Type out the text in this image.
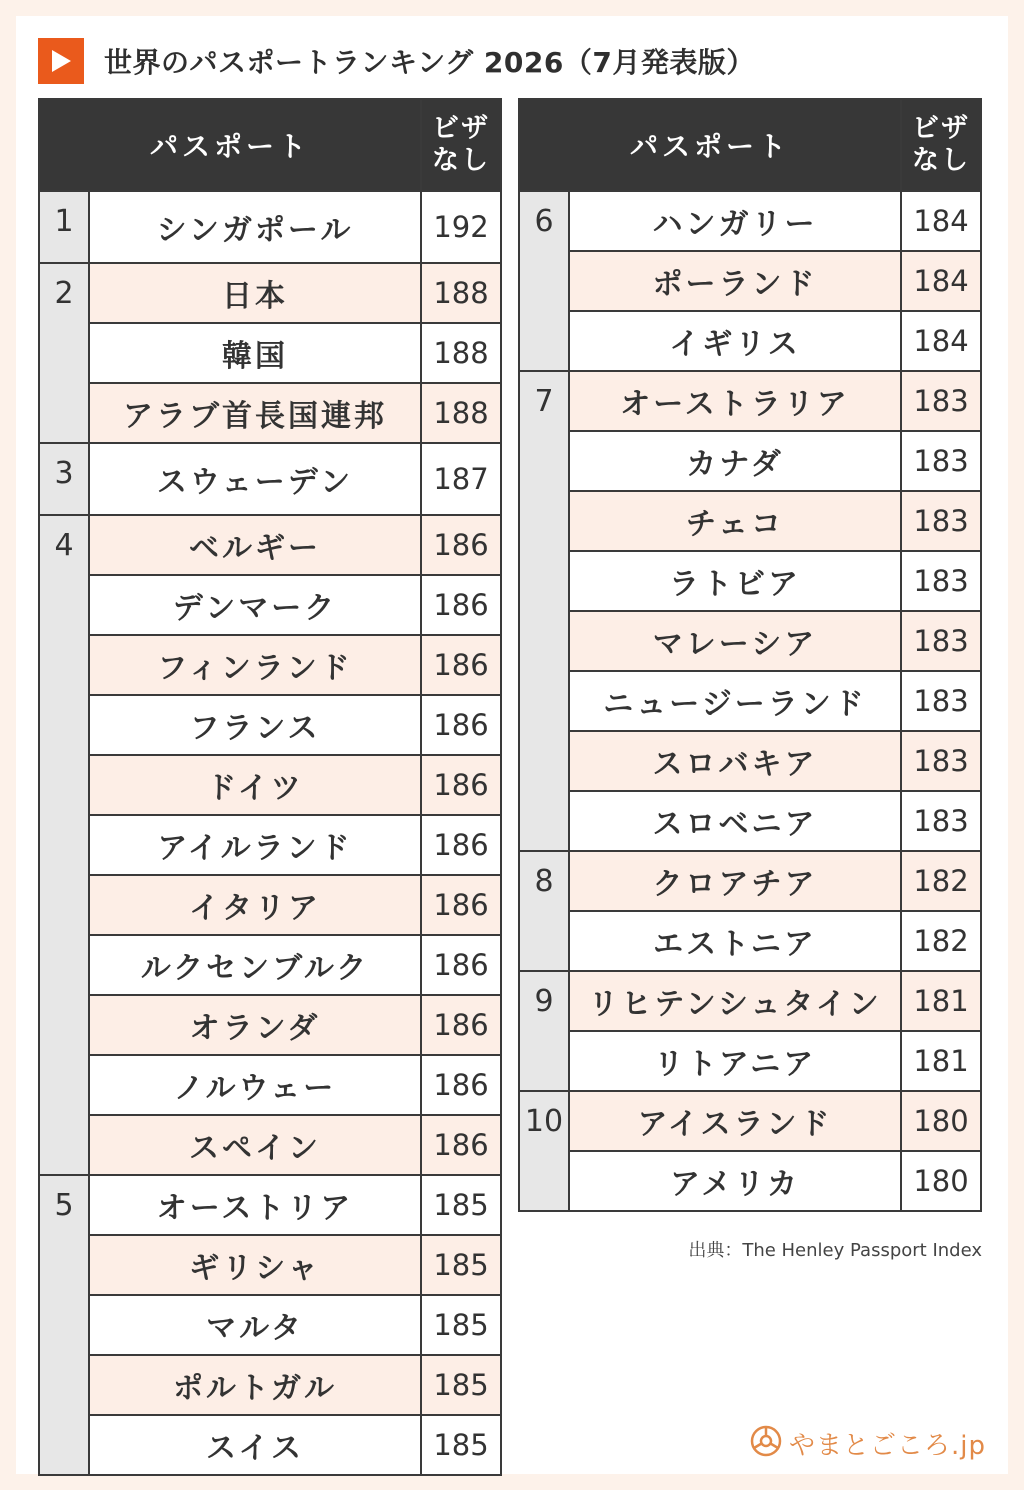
世界のパスポートランキング 2026（7月発表版）
パスポート		ビザ
なし
1	シンガポール	192
2	日本	188
	韓国	188
	アラブ首長国連邦	188
3	スウェーデン	187
4	ベルギー	186
	デンマーク	186
	フィンランド	186
	フランス	186
	ドイツ	186
	アイルランド	186
	イタリア	186
	ルクセンブルク	186
	オランダ	186
	ノルウェー	186
	スペイン	186
5	オーストリア	185
	ギリシャ	185
	マルタ	185
	ポルトガル	185
	スイス	185
パスポート		ビザ
なし
6	ハンガリー	184
	ポーランド	184
	イギリス	184
7	オーストラリア	183
	カナダ	183
	チェコ	183
	ラトビア	183
	マレーシア	183
	ニュージーランド	183
	スロバキア	183
	スロベニア	183
8	クロアチア	182
	エストニア	182
9	リヒテンシュタイン	181
	リトアニア	181
10	アイスランド	180
	アメリカ	180
出典：The Henley Passport Index
やまとごころ.jp
